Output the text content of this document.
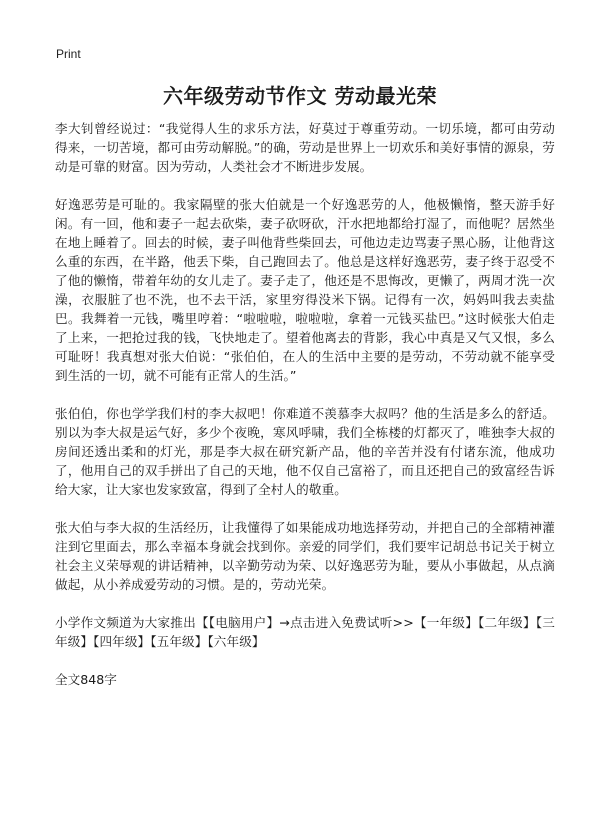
Print
六年级劳动节作文 劳动最光荣

李大钊曾经说过：“我觉得人生的求乐方法，好莫过于尊重劳动。一切乐境，都可由劳动得来，一切苦境，都可由劳动解脱。”的确，劳动是世界上一切欢乐和美好事情的源泉，劳动是可靠的财富。因为劳动，人类社会才不断进步发展。

好逸恶劳是可耻的。我家隔壁的张大伯就是一个好逸恶劳的人，他极懒惰，整天游手好闲。有一回，他和妻子一起去砍柴，妻子砍呀砍，汗水把地都给打湿了，而他呢？居然坐在地上睡着了。回去的时候，妻子叫他背些柴回去，可他边走边骂妻子黑心肠，让他背这么重的东西，在半路，他丢下柴，自己跑回去了。他总是这样好逸恶劳，妻子终于忍受不了他的懒惰，带着年幼的女儿走了。妻子走了，他还是不思悔改，更懒了，两周才洗一次澡，衣服脏了也不洗，也不去干活，家里穷得没米下锅。记得有一次，妈妈叫我去卖盐巴。我舞着一元钱，嘴里哼着：“啦啦啦，啦啦啦，拿着一元钱买盐巴。”这时候张大伯走了上来，一把抢过我的钱，飞快地走了。望着他离去的背影，我心中真是又气又恨，多么可耻呀！我真想对张大伯说：“张伯伯，在人的生活中主要的是劳动，不劳动就不能享受到生活的一切，就不可能有正常人的生活。”

张伯伯，你也学学我们村的李大叔吧！你难道不羡慕李大叔吗？他的生活是多么的舒适。别以为李大叔是运气好，多少个夜晚，寒风呼啸，我们全栋楼的灯都灭了，唯独李大叔的房间还透出柔和的灯光，那是李大叔在研究新产品，他的辛苦并没有付诸东流，他成功了，他用自己的双手拼出了自己的天地，他不仅自己富裕了，而且还把自己的致富经告诉给大家，让大家也发家致富，得到了全村人的敬重。

张大伯与李大叔的生活经历，让我懂得了如果能成功地选择劳动，并把自己的全部精神灌注到它里面去，那么幸福本身就会找到你。亲爱的同学们，我们要牢记胡总书记关于树立社会主义荣辱观的讲话精神，以辛勤劳动为荣、以好逸恶劳为耻，要从小事做起，从点滴做起，从小养成爱劳动的习惯。是的，劳动光荣。

小学作文频道为大家推出【【电脑用户】→点击进入免费试听>>【一年级】【二年级】【三年级】【四年级】【五年级】【六年级】

全文848字
